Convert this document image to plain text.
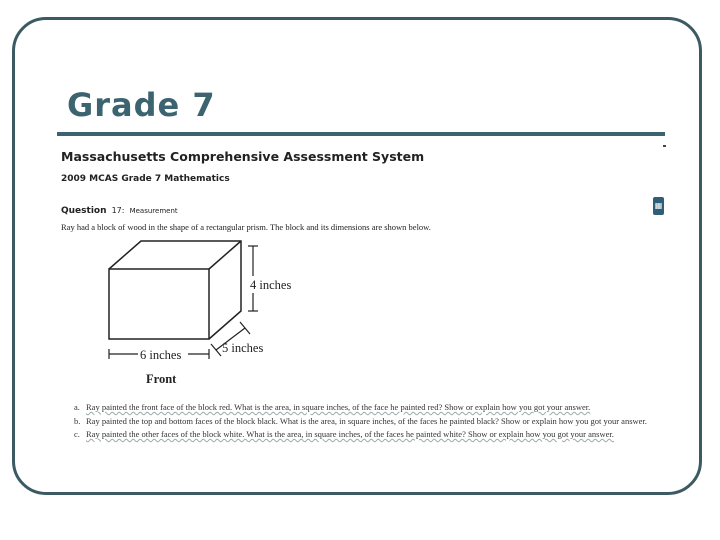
Grade 7

Massachusetts Comprehensive Assessment System

2009 MCAS Grade 7 Mathematics

Question 17: Measurement
▦

Ray had a block of wood in the shape of a rectangular prism. The block and its dimensions are shown below.

4 inches
6 inches	5 inches
Front
a. Ray painted the front face of the block red. What is the area, in square inches, of the face he painted red? Show or explain how you got your answer.
b. Ray painted the top and bottom faces of the block black. What is the area, in square inches, of the faces he painted black? Show or explain how you got your answer.
c. Ray painted the other faces of the block white. What is the area, in square inches, of the faces he painted white? Show or explain how you got your answer.
